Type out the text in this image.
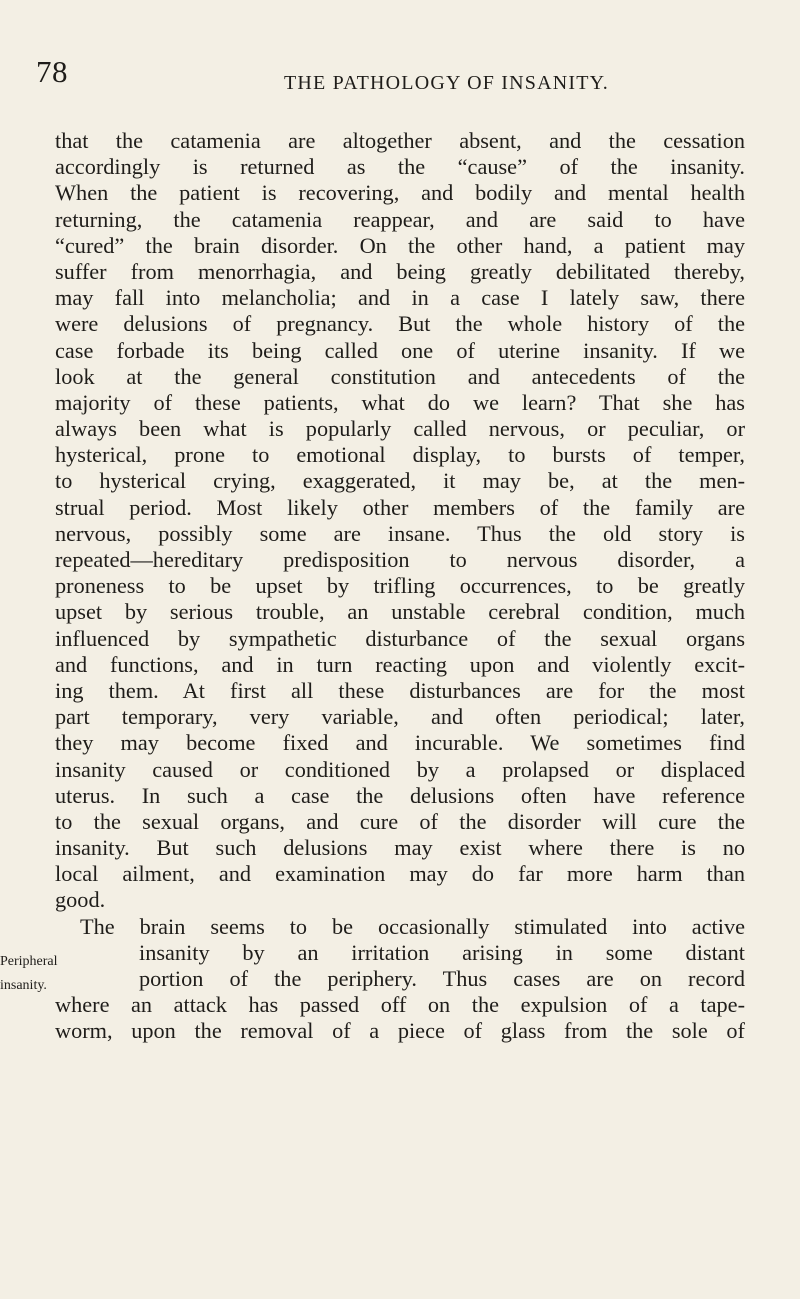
78	THE PATHOLOGY OF INSANITY.
that the catamenia are altogether absent, and the cessation
accordingly is returned as the “cause” of the insanity.
When the patient is recovering, and bodily and mental health
returning, the catamenia reappear, and are said to have
“cured” the brain disorder. On the other hand, a patient may
suffer from menorrhagia, and being greatly debilitated thereby,
may fall into melancholia; and in a case I lately saw, there
were delusions of pregnancy. But the whole history of the
case forbade its being called one of uterine insanity. If we
look at the general constitution and antecedents of the
majority of these patients, what do we learn? That she has
always been what is popularly called nervous, or peculiar, or
hysterical, prone to emotional display, to bursts of temper,
to hysterical crying, exaggerated, it may be, at the men-
strual period. Most likely other members of the family are
nervous, possibly some are insane. Thus the old story is
repeated—hereditary predisposition to nervous disorder, a
proneness to be upset by trifling occurrences, to be greatly
upset by serious trouble, an unstable cerebral condition, much
influenced by sympathetic disturbance of the sexual organs
and functions, and in turn reacting upon and violently excit-
ing them. At first all these disturbances are for the most
part temporary, very variable, and often periodical; later,
they may become fixed and incurable. We sometimes find
insanity caused or conditioned by a prolapsed or displaced
uterus. In such a case the delusions often have reference
to the sexual organs, and cure of the disorder will cure the
insanity. But such delusions may exist where there is no
local ailment, and examination may do far more harm than
good.
The brain seems to be occasionally stimulated into active
insanity by an irritation arising in some distant
portion of the periphery. Thus cases are on record
where an attack has passed off on the expulsion of a tape-
worm, upon the removal of a piece of glass from the sole of
Peripheral
insanity.
